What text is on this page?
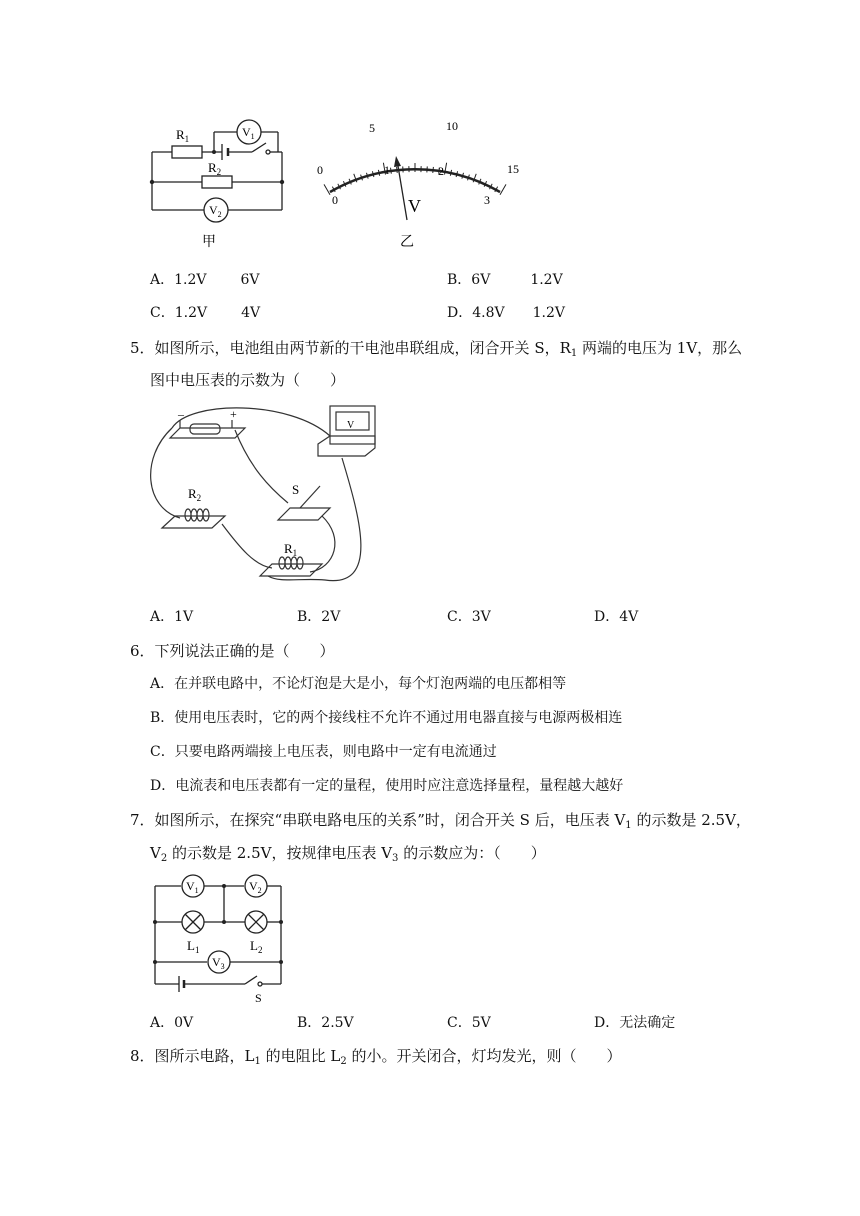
$R_1$
$R_2$
$V_1$
$V_2$
甲
0
5	10
15
0
1	2
3
V
乙
A．1.2V 6V	B．6V	1.2V
C．1.2V 4V	D．4.8V 1.2V
5．如图所示，电池组由两节新的干电池串联组成，闭合开关 S，$R_1$ 两端的电压为 1V，那么
图中电压表的示数为（　　）
–	+
V
$R_2$
S
$R_1$
A．1V	B．2V	C．3V	D．4V
6．下列说法正确的是（　　）
A．在并联电路中，不论灯泡是大是小，每个灯泡两端的电压都相等
B．使用电压表时，它的两个接线柱不允许不通过用电器直接与电源两极相连
C．只要电路两端接上电压表，则电路中一定有电流通过
D．电流表和电压表都有一定的量程，使用时应注意选择量程，量程越大越好
7．如图所示，在探究“串联电路电压的关系”时，闭合开关 S 后，电压表 $V_1$ 的示数是 2.5V，
$V_2$ 的示数是 2.5V，按规律电压表 $V_3$ 的示数应为：（　　）
$V_1$	$V_2$
$V_3$
$L_1$	$L_2$
S
A．0V	B．2.5V	C．5V	D．无法确定
8．图所示电路，$L_1$ 的电阻比 $L_2$ 的小。开关闭合，灯均发光，则（　　）
